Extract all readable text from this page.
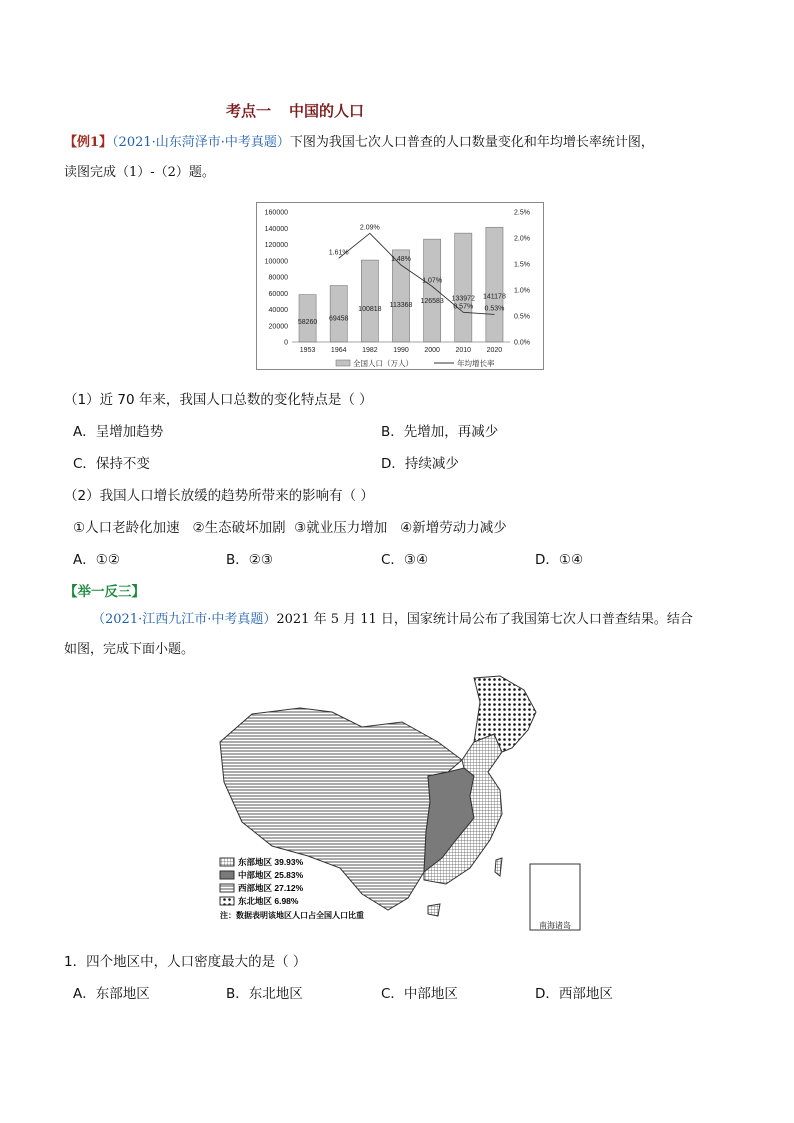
考点一 中国的人口
【例1】（2021·山东菏泽市·中考真题）下图为我国七次人口普查的人口数量变化和年均增长率统计图，
读图完成（1）-（2）题。
58260 69458
100818
113368
126583 133972 141178
0
20000
40000
60000
80000
100000
120000
140000
160000
0.0%
0.5%
1.0%
1.5%
2.0%
2.5%
1953 1964 1982 1990 2000 2010 2020
1.61%
2.09%
1.48%
1.07%
0.57% 0.53%
全国人口（万人）	年均增长率
（1）近 70 年来，我国人口总数的变化特点是（ ）
A．呈增加趋势	B．先增加，再减少
C．保持不变	D．持续减少
（2）我国人口增长放缓的趋势所带来的影响有（ ）
①人口老龄化加速   ②生态破坏加剧  ③就业压力增加   ④新增劳动力减少
A．①②	B．②③	C．③④	D．①④
【举一反三】
（2021·江西九江市·中考真题）2021 年 5 月 11 日，国家统计局公布了我国第七次人口普查结果。结合
如图，完成下面小题。
南海诸岛
东部地区 39.93%
中部地区 25.83%
西部地区 27.12%
东北地区 6.98%
注：数据表明该地区人口占全国人口比重
1．四个地区中，人口密度最大的是（ ）
A．东部地区	B．东北地区	C．中部地区	D．西部地区
